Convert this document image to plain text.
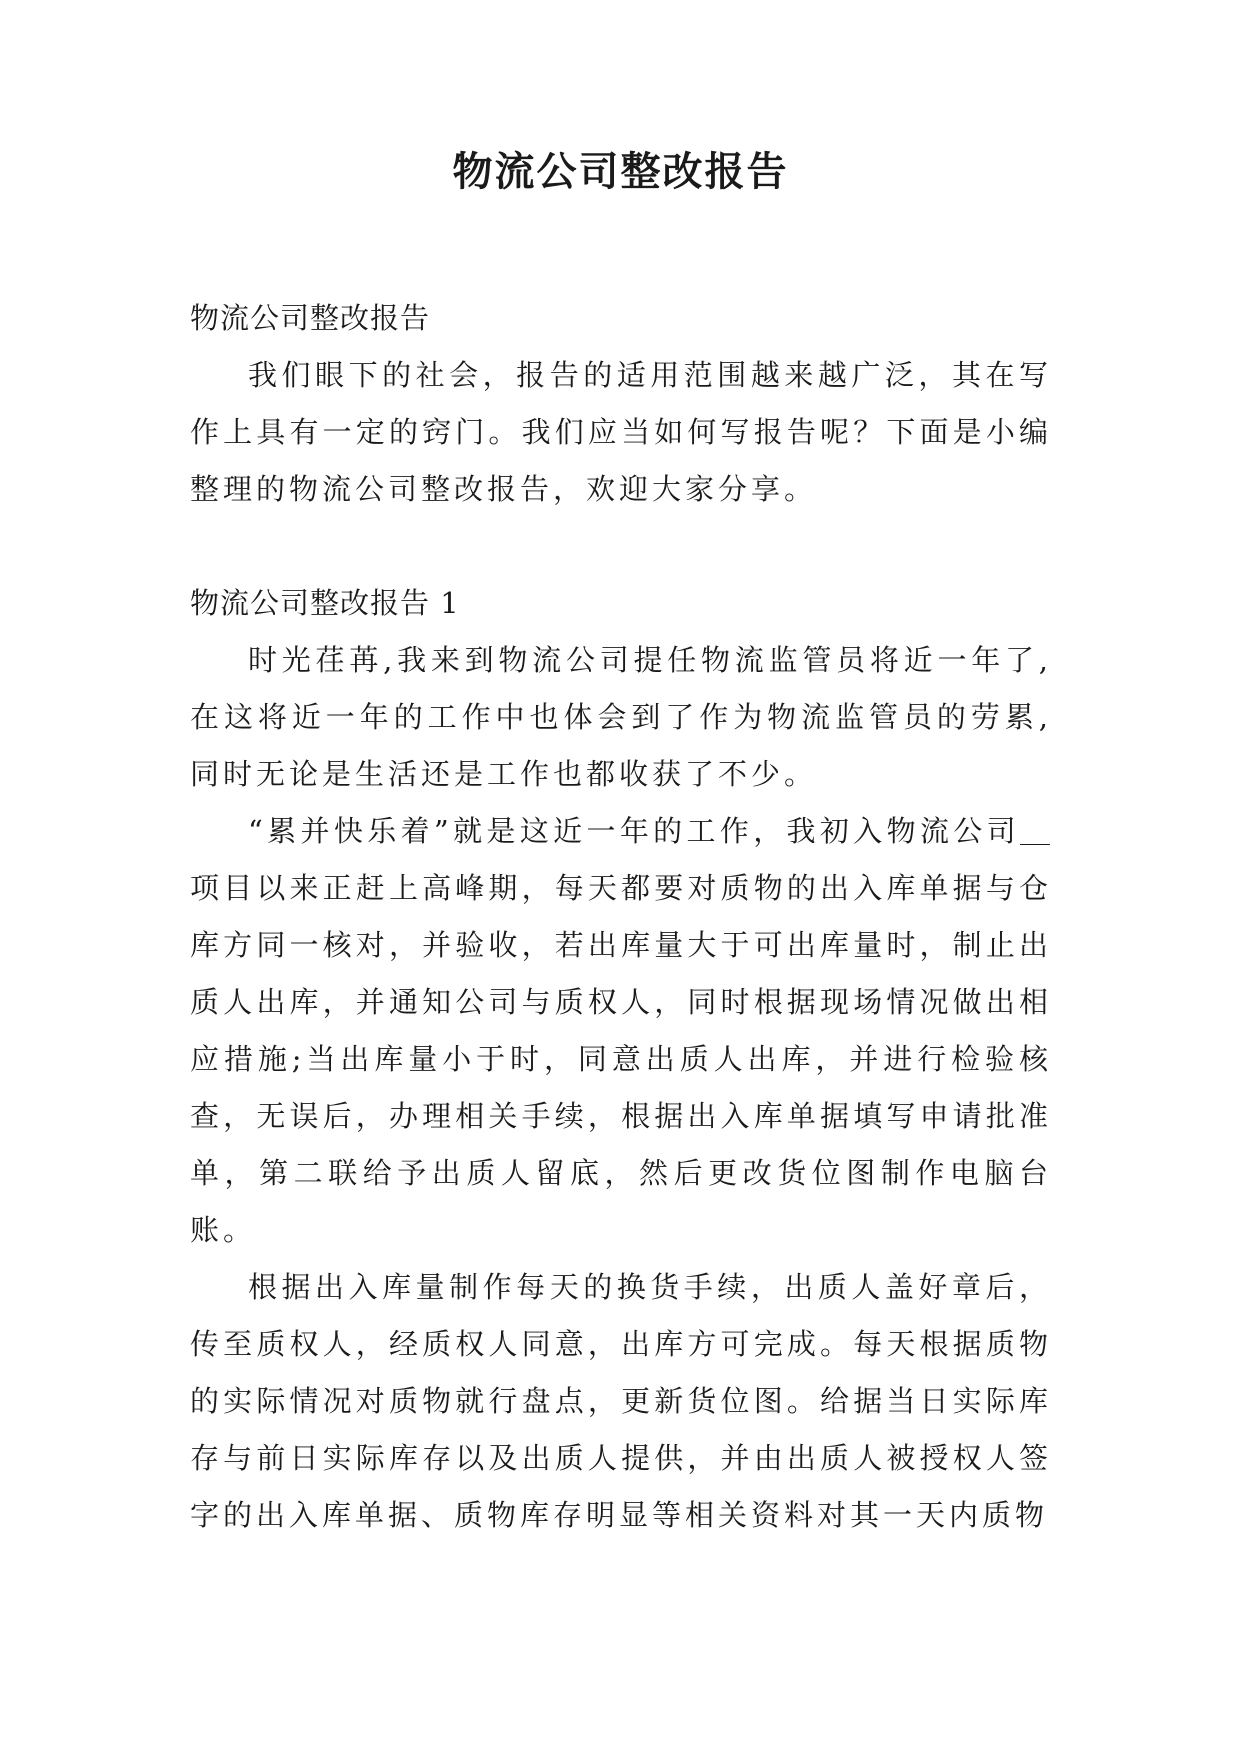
物流公司整改报告

物流公司整改报告

我们眼下的社会，报告的适用范围越来越广泛，其在写作上具有一定的窍门。我们应当如何写报告呢？下面是小编整理的物流公司整改报告，欢迎大家分享。

物流公司整改报告 1

时光荏苒,我来到物流公司提任物流监管员将近一年了,在这将近一年的工作中也体会到了作为物流监管员的劳累,同时无论是生活还是工作也都收获了不少。

“累并快乐着”就是这近一年的工作，我初入物流公司项目以来正赶上高峰期，每天都要对质物的出入库单据与仓库方同一核对，并验收，若出库量大于可出库量时，制止出质人出库，并通知公司与质权人，同时根据现场情况做出相应措施;当出库量小于时，同意出质人出库，并进行检验核查，无误后，办理相关手续，根据出入库单据填写申请批准单，第二联给予出质人留底，然后更改货位图制作电脑台账。

根据出入库量制作每天的换货手续，出质人盖好章后，传至质权人，经质权人同意，出库方可完成。每天根据质物的实际情况对质物就行盘点，更新货位图。给据当日实际库存与前日实际库存以及出质人提供，并由出质人被授权人签字的出入库单据、质物库存明显等相关资料对其一天内质物
